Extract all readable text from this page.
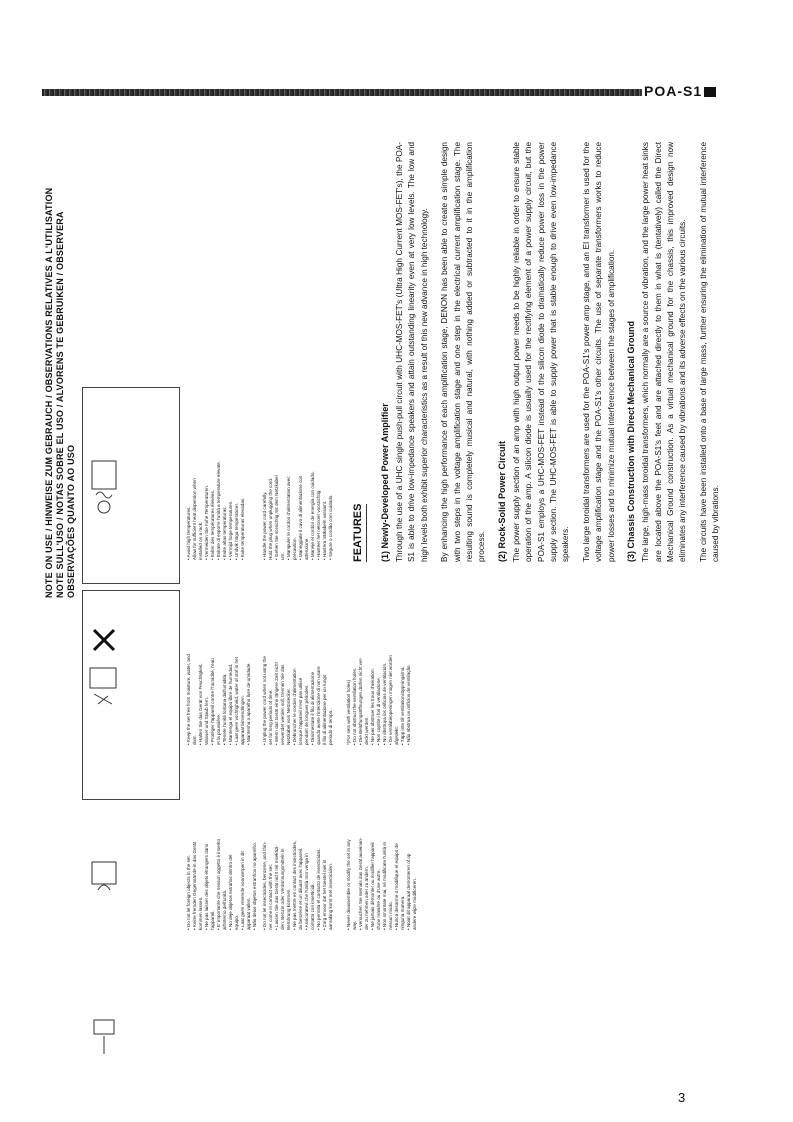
POA-S1
NOTE ON USE / HINWEISE ZUM GEBRAUCH / OBSERVATIONS RELATIVES A L'UTILISATION NOTE SULL'USO / NOTAS SOBRE EL USO / ALVORENS TE GEBRUIKEN / OBSERVERA OBSERVAÇÕES QUANTO AO USO	• Avoid high temperatures. Allow for sufficient heat dispersion when installed on a rack. • Vermeiden Sie hohe Temperaturen. • Eviter des températures élevées. • Evitate di esporre l'unità a temperature elevate. • Evite altas temperaturas. • Vermijd hoge temperaturen. • Undvik höga temperaturer. • Evite temperaturas elevadas.
• Keep the set free from moisture, water, and dust. • Halten Sie das Gerät von Feuchtigkeit, Wasser und Staub fern. • Protéger l'appareil contre l'humidité, l'eau et la poussière. • Tenete l'unità lontana dall'umidità. • Mantenga el equipo libre de humedad. • Laat geen vochtigheid, water of stof in het apparaat binnendringen. • Mantenha o aparelho livre de umidade.
• Do not let foreign objects in the set. • Keine fremden Gegenstände in das Gerät kommen lassen. • Ne pas laisser des objets étrangers dans l'appareil. • E' importante che nessun oggetto è inserito all'interno dell'unità. • No deje objetos extraños dentro del equipo. • Laat geen vreemde voorwerpen in dit apparaat vallen. • Não deixe objetos estranhos no aparelho.
• Handle the power cord carefully. Hold the plug when unplugging the cord. • Gehen Sie vorsichtig mit dem Netzkabel um. • Manipuler le cordon d'alimentation avec précaution. • Maneggiate il cavo di alimentazione con attenzione. • Maneje el cordón de energía con cuidado. • Hanteer het netsnoer voorzichtig. • Hantera nätkabeln varsamt. • Segure o cordão com cuidado.
• Unplug the power cord when not using the set for long periods of time. • Wenn das Gerät eine längere Zeit nicht verwendet werden soll, trennen Sie das Netzkabel vom Netzstecker. • Débrancher le cordon d'alimentation lorsque l'appareil n'est pas utilisé pendant de longues périodes. • Disinnestate il filo di alimentazione quando avete l'intenzione di non usare il filo di alimentazione per un lungo periodo di tempo.
• Do not let insecticides, benzene, and thin- ner come in contact with the set. • Lassen Sie das Gerät nicht mit Insektizi- den, Benzin oder Verdünnungsmitteln in Berührung kommen. • Ne pas mettre en contact des insecticides, du benzène et un diluant avec l'appareil. • Assicuratevi che l'unità non venga in contatto con insetticidi. • No permita el contacto de insecticidas. • Zorg ervoor dat het toestel niet in aanraking komt met insecticiden.
*(For sets with ventilation holes) • Do not obstruct the ventilation holes. • Die Belüftungsöffnungen dürfen nicht ver- deckt werden. • Ne pas obstruer les trous d'aération. • Non coprite i fori di ventilazione. • No obstruya los orificios de ventilación. • De ventilatieopeningen mogen niet worden afgedekt. • Täpp inte till ventilationsöppningarna. • Não obstrua os orifícios de ventilação.
• Never disassemble or modify the set in any way. • Versuchen Sie niemals das Gerät auseinan- der zu nehmen oder zu ändern. • Ne jamais démonter ou modifier l'appareil d'une manière ou d'une autre. • Non smontate mai, nè modificate l'unità in nessun modo. • Nunca desarme o modifique el equipo de ninguna manera. • Nooit dit apparaat demonteren of op andere wijze modificeren.
FEATURES (1) Newly-Developed Power Amplifier Through the use of a UHC single push-pull circuit with UHC-MOS-FET's (Ultra High Current MOS-FET's), the POA-S1 is able to drive low-impedance speakers and attain outstanding linearity even at very low levels. The low and high levels both exhibit superior characteristics as a result of this new advance in high technology. By enhancing the high performance of each amplification stage, DENON has been able to create a simple design with two steps in the voltage amplification stage and one step in the electrical current amplification stage. The resulting sound is completely musical and natural, with nothing added or subtracted to it in the amplification process. (2) Rock-Solid Power Circuit The power supply section of an amp with high output power needs to be highly reliable in order to ensure stable operation of the amp. A silicon diode is usually used for the rectifying element of a power supply circuit, but the POA-S1 employs a UHC-MOS-FET instead of the silicon diode to dramatically reduce power loss in the power supply section. The UHC-MOS-FET is able to supply power that is stable enough to drive even low-impedance speakers. Two large toroidal transformers are used for the POA-S1's power amp stage, and an EI transformer is used for the voltage amplification stage and the POA-S1's other circuits. The use of separate transformers works to reduce power losses and to minimize mutual interference between the stages of amplification. (3) Chassis Construction with Direct Mechanical Ground The large, high-mass toroidal transformers, which normally are a source of vibration, and the large power heat sinks are located above the POA-S1's feet and are attached directly to them in what is (tentatively) called the Direct Mechanical Ground construction. As a virtual mechanical ground for the chassis, this improved design now eliminates any interference caused by vibrations and its adverse effects on the various circuits. The circuits have been installed onto a base of large mass, further ensuring the elimination of mutual interference caused by vibrations.

3
